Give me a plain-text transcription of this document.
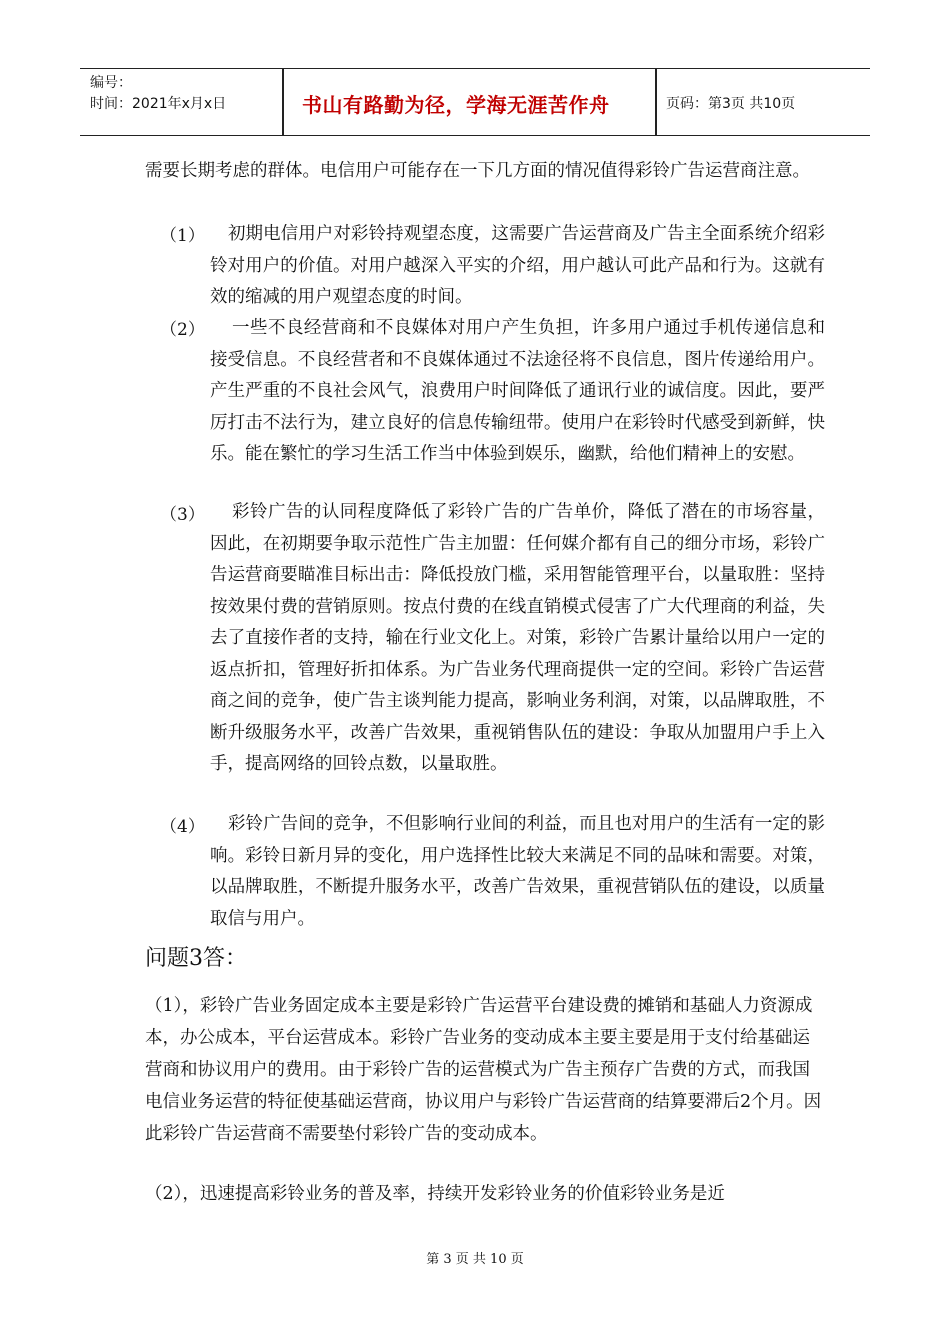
编号：
时间：2021年x月x日	书山有路勤为径，学海无涯苦作舟	页码：第3页 共10页
需要长期考虑的群体。电信用户可能存在一下几方面的情况值得彩铃广告运营商注意。
（1）	初期电信用户对彩铃持观望态度，这需要广告运营商及广告主全面系统介绍彩铃对用户的价值。对用户越深入平实的介绍，用户越认可此产品和行为。这就有效的缩减的用户观望态度的时间。
（2）	一些不良经营商和不良媒体对用户产生负担，许多用户通过手机传递信息和接受信息。不良经营者和不良媒体通过不法途径将不良信息，图片传递给用户。产生严重的不良社会风气，浪费用户时间降低了通讯行业的诚信度。因此，要严厉打击不法行为，建立良好的信息传输纽带。使用户在彩铃时代感受到新鲜，快乐。能在繁忙的学习生活工作当中体验到娱乐，幽默，给他们精神上的安慰。
（3）	彩铃广告的认同程度降低了彩铃广告的广告单价，降低了潜在的市场容量，因此，在初期要争取示范性广告主加盟：任何媒介都有自己的细分市场，彩铃广告运营商要瞄准目标出击：降低投放门槛，采用智能管理平台，以量取胜：坚持按效果付费的营销原则。按点付费的在线直销模式侵害了广大代理商的利益，失去了直接作者的支持，输在行业文化上。对策，彩铃广告累计量给以用户一定的返点折扣，管理好折扣体系。为广告业务代理商提供一定的空间。彩铃广告运营商之间的竞争，使广告主谈判能力提高，影响业务利润，对策，以品牌取胜，不断升级服务水平，改善广告效果，重视销售队伍的建设：争取从加盟用户手上入手，提高网络的回铃点数，以量取胜。
（4）	彩铃广告间的竞争，不但影响行业间的利益，而且也对用户的生活有一定的影响。彩铃日新月异的变化，用户选择性比较大来满足不同的品味和需要。对策，以品牌取胜，不断提升服务水平，改善广告效果，重视营销队伍的建设，以质量取信与用户。
问题3答：
（1），彩铃广告业务固定成本主要是彩铃广告运营平台建设费的摊销和基础人力资源成本，办公成本，平台运营成本。彩铃广告业务的变动成本主要主要是用于支付给基础运营商和协议用户的费用。由于彩铃广告的运营模式为广告主预存广告费的方式，而我国电信业务运营的特征使基础运营商，协议用户与彩铃广告运营商的结算要滞后2个月。因此彩铃广告运营商不需要垫付彩铃广告的变动成本。
（2），迅速提高彩铃业务的普及率，持续开发彩铃业务的价值彩铃业务是近
第 3 页 共 10 页
